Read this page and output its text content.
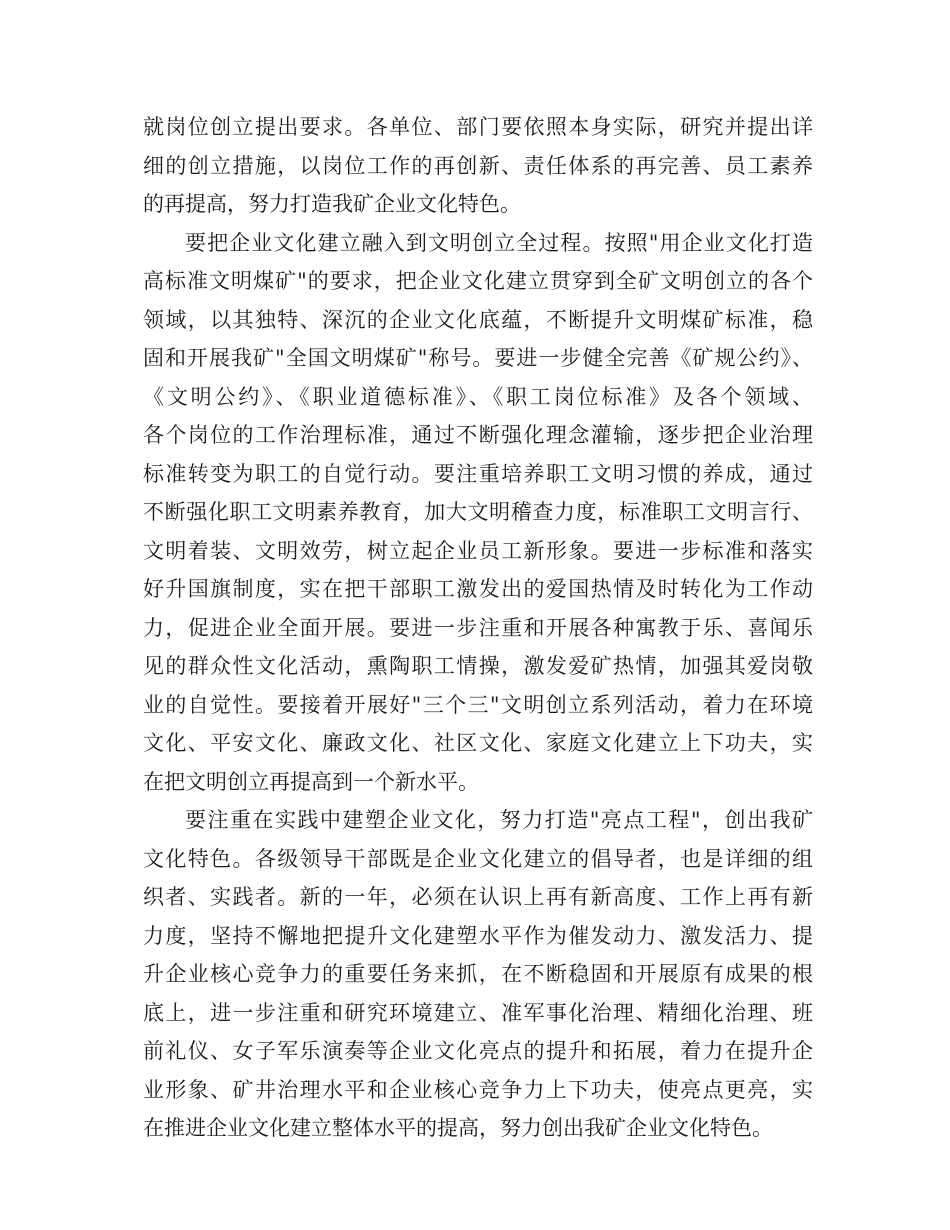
就岗位创立提出要求。各单位、部门要依照本身实际，研究并提出详
细的创立措施，以岗位工作的再创新、责任体系的再完善、员工素养
的再提高，努力打造我矿企业文化特色。
要把企业文化建立融入到文明创立全过程。按照"用企业文化打造
高标准文明煤矿"的要求，把企业文化建立贯穿到全矿文明创立的各个
领域，以其独特、深沉的企业文化底蕴，不断提升文明煤矿标准，稳
固和开展我矿"全国文明煤矿"称号。要进一步健全完善《矿规公约》、
《文明公约》、《职业道德标准》、《职工岗位标准》及各个领域、
各个岗位的工作治理标准，通过不断强化理念灌输，逐步把企业治理
标准转变为职工的自觉行动。要注重培养职工文明习惯的养成，通过
不断强化职工文明素养教育，加大文明稽查力度，标准职工文明言行、
文明着装、文明效劳，树立起企业员工新形象。要进一步标准和落实
好升国旗制度，实在把干部职工激发出的爱国热情及时转化为工作动
力，促进企业全面开展。要进一步注重和开展各种寓教于乐、喜闻乐
见的群众性文化活动，熏陶职工情操，激发爱矿热情，加强其爱岗敬
业的自觉性。要接着开展好"三个三"文明创立系列活动，着力在环境
文化、平安文化、廉政文化、社区文化、家庭文化建立上下功夫，实
在把文明创立再提高到一个新水平。
要注重在实践中建塑企业文化，努力打造"亮点工程"，创出我矿
文化特色。各级领导干部既是企业文化建立的倡导者，也是详细的组
织者、实践者。新的一年，必须在认识上再有新高度、工作上再有新
力度，坚持不懈地把提升文化建塑水平作为催发动力、激发活力、提
升企业核心竞争力的重要任务来抓，在不断稳固和开展原有成果的根
底上，进一步注重和研究环境建立、准军事化治理、精细化治理、班
前礼仪、女子军乐演奏等企业文化亮点的提升和拓展，着力在提升企
业形象、矿井治理水平和企业核心竞争力上下功夫，使亮点更亮，实
在推进企业文化建立整体水平的提高，努力创出我矿企业文化特色。
